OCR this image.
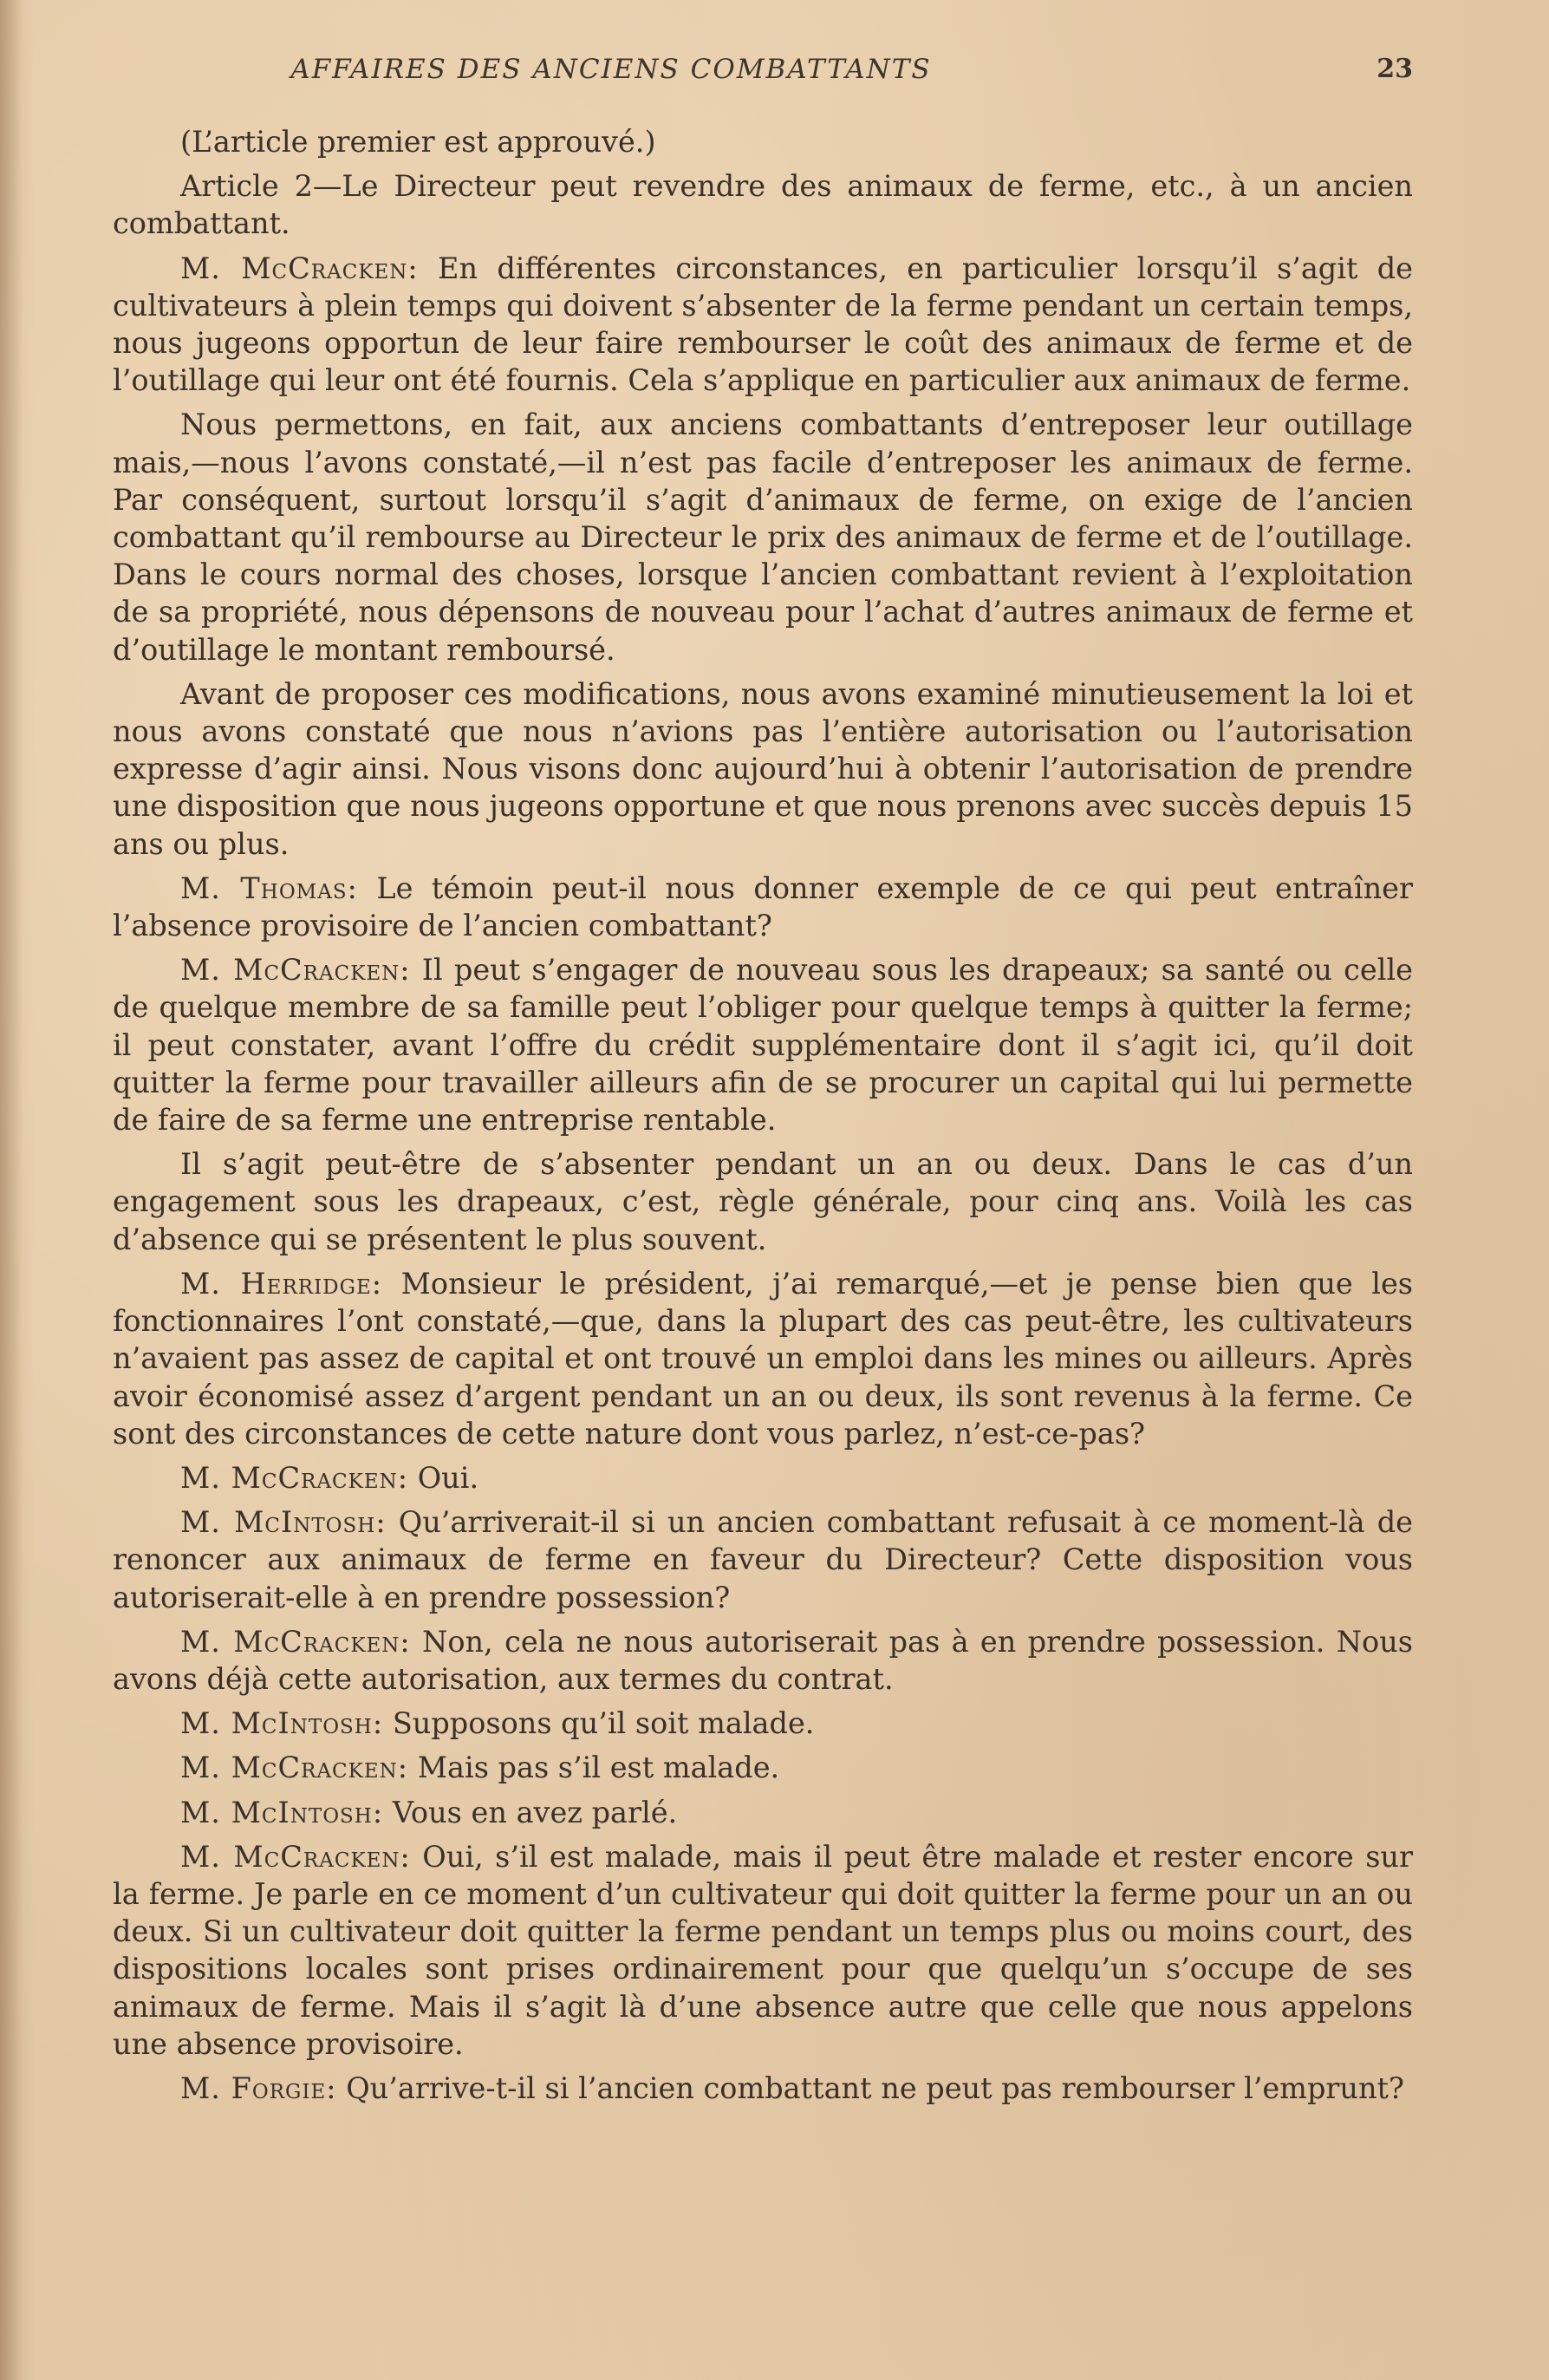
AFFAIRES DES ANCIENS COMBATTANTS	23

(L’article premier est approuvé.)

Article 2—Le Directeur peut revendre des animaux de ferme, etc., à un ancien combattant.

M. McCracken: En différentes circonstances, en particulier lorsqu’il s’agit de cultivateurs à plein temps qui doivent s’absenter de la ferme pendant un certain temps, nous jugeons opportun de leur faire rembourser le coût des animaux de ferme et de l’outillage qui leur ont été fournis. Cela s’applique en particulier aux animaux de ferme.

Nous permettons, en fait, aux anciens combattants d’entreposer leur outillage mais,—nous l’avons constaté,—il n’est pas facile d’entreposer les animaux de ferme. Par conséquent, surtout lorsqu’il s’agit d’animaux de ferme, on exige de l’ancien combattant qu’il rembourse au Directeur le prix des animaux de ferme et de l’outillage. Dans le cours normal des choses, lorsque l’ancien combattant revient à l’exploitation de sa propriété, nous dépensons de nouveau pour l’achat d’autres animaux de ferme et d’outillage le montant remboursé.

Avant de proposer ces modifications, nous avons examiné minutieusement la loi et nous avons constaté que nous n’avions pas l’entière autorisation ou l’autorisation expresse d’agir ainsi. Nous visons donc aujourd’hui à obtenir l’autorisation de prendre une disposition que nous jugeons opportune et que nous prenons avec succès depuis 15 ans ou plus.

M. Thomas: Le témoin peut-il nous donner exemple de ce qui peut entraîner l’absence provisoire de l’ancien combattant?

M. McCracken: Il peut s’engager de nouveau sous les drapeaux; sa santé ou celle de quelque membre de sa famille peut l’obliger pour quelque temps à quitter la ferme; il peut constater, avant l’offre du crédit supplémentaire dont il s’agit ici, qu’il doit quitter la ferme pour travailler ailleurs afin de se procurer un capital qui lui permette de faire de sa ferme une entreprise rentable.

Il s’agit peut-être de s’absenter pendant un an ou deux. Dans le cas d’un engagement sous les drapeaux, c’est, règle générale, pour cinq ans. Voilà les cas d’absence qui se présentent le plus souvent.

M. Herridge: Monsieur le président, j’ai remarqué,—et je pense bien que les fonctionnaires l’ont constaté,—que, dans la plupart des cas peut-être, les cultivateurs n’avaient pas assez de capital et ont trouvé un emploi dans les mines ou ailleurs. Après avoir économisé assez d’argent pendant un an ou deux, ils sont revenus à la ferme. Ce sont des circonstances de cette nature dont vous parlez, n’est-ce-pas?

M. McCracken: Oui.

M. McIntosh: Qu’arriverait-il si un ancien combattant refusait à ce moment-là de renoncer aux animaux de ferme en faveur du Directeur? Cette disposition vous autoriserait-elle à en prendre possession?

M. McCracken: Non, cela ne nous autoriserait pas à en prendre possession. Nous avons déjà cette autorisation, aux termes du contrat.

M. McIntosh: Supposons qu’il soit malade.

M. McCracken: Mais pas s’il est malade.

M. McIntosh: Vous en avez parlé.

M. McCracken: Oui, s’il est malade, mais il peut être malade et rester encore sur la ferme. Je parle en ce moment d’un cultivateur qui doit quitter la ferme pour un an ou deux. Si un cultivateur doit quitter la ferme pendant un temps plus ou moins court, des dispositions locales sont prises ordinairement pour que quelqu’un s’occupe de ses animaux de ferme. Mais il s’agit là d’une absence autre que celle que nous appelons une absence provisoire.

M. Forgie: Qu’arrive-t-il si l’ancien combattant ne peut pas rembourser l’emprunt?
